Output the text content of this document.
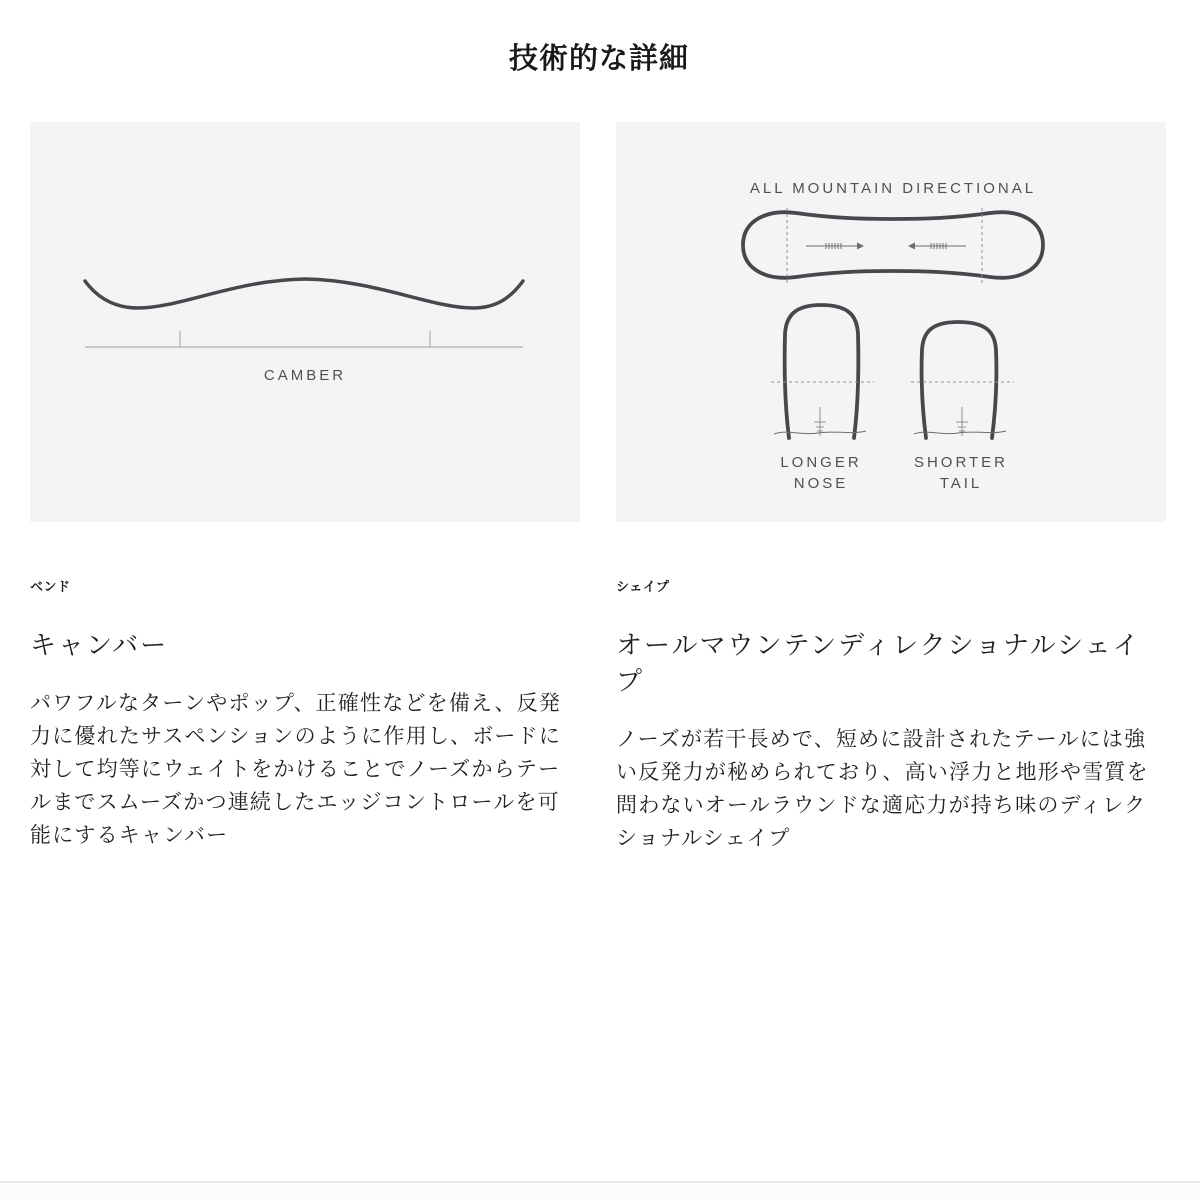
技術的な詳細
CAMBER
ALL MOUNTAIN DIRECTIONAL
LONGER
NOSE
SHORTER
TAIL
ベンド
キャンバー

パワフルなターンやポップ、正確性などを備え、反発力に優れたサスペンションのように作用し、ボードに対して均等にウェイトをかけることでノーズからテールまでスムーズかつ連続したエッジコントロールを可能にするキャンバー

シェイプ
オールマウンテンディレクショナルシェイプ

ノーズが若干長めで、短めに設計されたテールには強い反発力が秘められており、高い浮力と地形や雪質を問わないオールラウンドな適応力が持ち味のディレクショナルシェイプ
